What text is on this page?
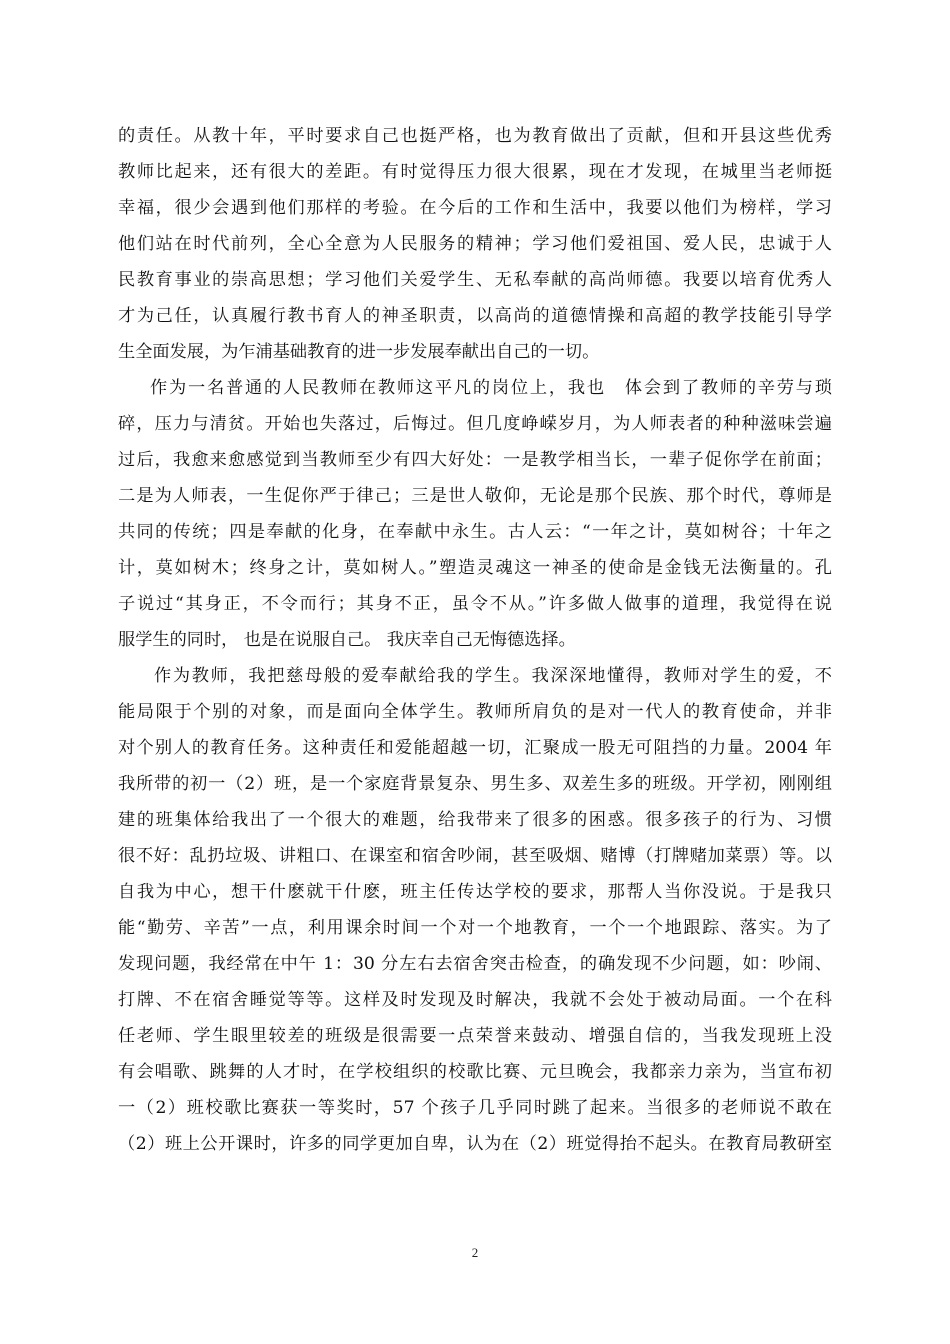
的责任。从教十年，平时要求自己也挺严格，也为教育做出了贡献，但和开县这些优秀
教师比起来，还有很大的差距。有时觉得压力很大很累，现在才发现，在城里当老师挺
幸福，很少会遇到他们那样的考验。在今后的工作和生活中，我要以他们为榜样，学习
他们站在时代前列，全心全意为人民服务的精神；学习他们爱祖国、爱人民，忠诚于人
民教育事业的崇高思想；学习他们关爱学生、无私奉献的高尚师德。我要以培育优秀人
才为己任，认真履行教书育人的神圣职责，以高尚的道德情操和高超的教学技能引导学
生全面发展，为乍浦基础教育的进一步发展奉献出自己的一切。
作为一名普通的人民教师在教师这平凡的岗位上，我也　体会到了教师的辛劳与琐
碎，压力与清贫。开始也失落过，后悔过。但几度峥嵘岁月，为人师表者的种种滋味尝遍
过后，我愈来愈感觉到当教师至少有四大好处：一是教学相当长，一辈子促你学在前面；
二是为人师表，一生促你严于律己；三是世人敬仰，无论是那个民族、那个时代，尊师是
共同的传统；四是奉献的化身，在奉献中永生。古人云：“一年之计，莫如树谷；十年之
计，莫如树木；终身之计，莫如树人。”塑造灵魂这一神圣的使命是金钱无法衡量的。孔
子说过“其身正，不令而行；其身不正，虽令不从。”许多做人做事的道理，我觉得在说
服学生的同时， 也是在说服自己。 我庆幸自己无悔德选择。
作为教师，我把慈母般的爱奉献给我的学生。我深深地懂得，教师对学生的爱，不
能局限于个别的对象，而是面向全体学生。教师所肩负的是对一代人的教育使命，并非
对个别人的教育任务。这种责任和爱能超越一切，汇聚成一股无可阻挡的力量。2004 年
我所带的初一（2）班，是一个家庭背景复杂、男生多、双差生多的班级。开学初，刚刚组
建的班集体给我出了一个很大的难题，给我带来了很多的困惑。很多孩子的行为、习惯
很不好：乱扔垃圾、讲粗口、在课室和宿舍吵闹，甚至吸烟、赌博（打牌赌加菜票）等。以
自我为中心，想干什麽就干什麽，班主任传达学校的要求，那帮人当你没说。于是我只
能“勤劳、辛苦”一点，利用课余时间一个对一个地教育，一个一个地跟踪、落实。为了
发现问题，我经常在中午 1：30 分左右去宿舍突击检查，的确发现不少问题，如：吵闹、
打牌、不在宿舍睡觉等等。这样及时发现及时解决，我就不会处于被动局面。一个在科
任老师、学生眼里较差的班级是很需要一点荣誉来鼓动、增强自信的，当我发现班上没
有会唱歌、跳舞的人才时，在学校组织的校歌比赛、元旦晚会，我都亲力亲为，当宣布初
一（2）班校歌比赛获一等奖时，57 个孩子几乎同时跳了起来。当很多的老师说不敢在
（2）班上公开课时，许多的同学更加自卑，认为在（2）班觉得抬不起头。在教育局教研室
2
